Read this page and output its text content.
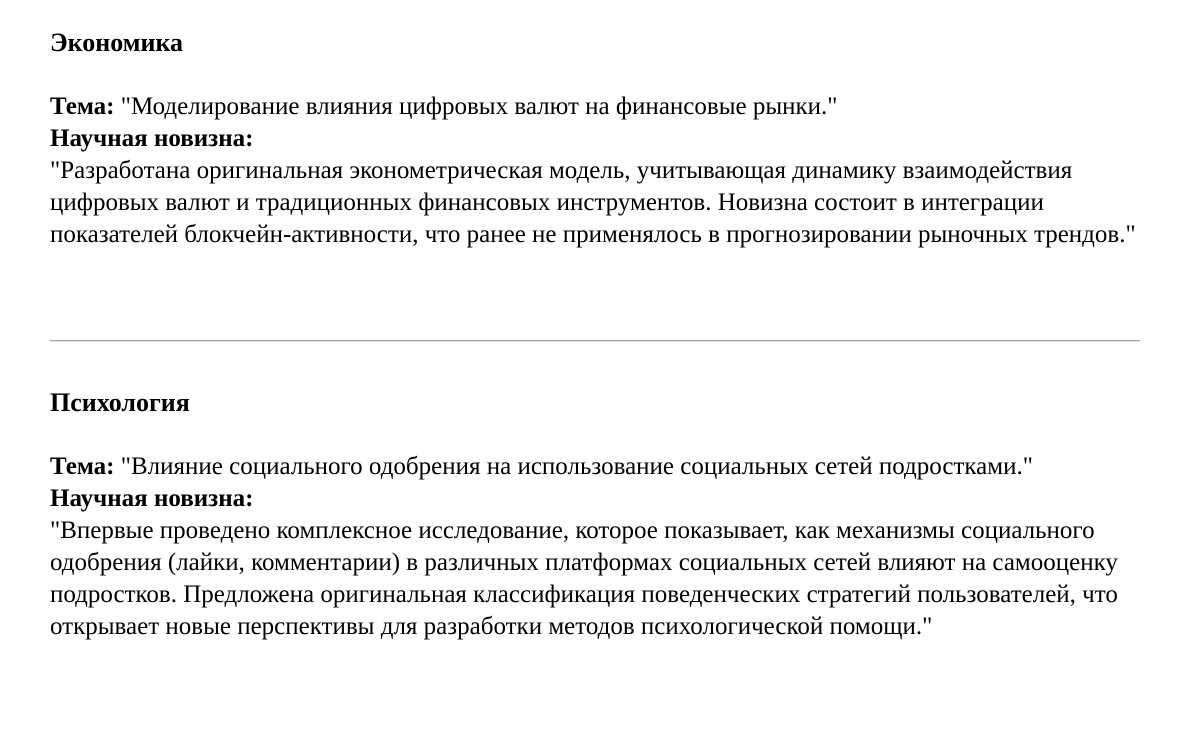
Экономика

Тема: "Моделирование влияния цифровых валют на финансовые рынки."

Научная новизна:

"Разработана оригинальная эконометрическая модель, учитывающая динамику взаимодействия цифровых валют и традиционных финансовых инструментов. Новизна состоит в интеграции показателей блокчейн-активности, что ранее не применялось в прогнозировании рыночных трендов."

Психология

Тема: "Влияние социального одобрения на использование социальных сетей подростками."

Научная новизна:

"Впервые проведено комплексное исследование, которое показывает, как механизмы социального одобрения (лайки, комментарии) в различных платформах социальных сетей влияют на самооценку подростков. Предложена оригинальная классификация поведенческих стратегий пользователей, что открывает новые перспективы для разработки методов психологической помощи."
